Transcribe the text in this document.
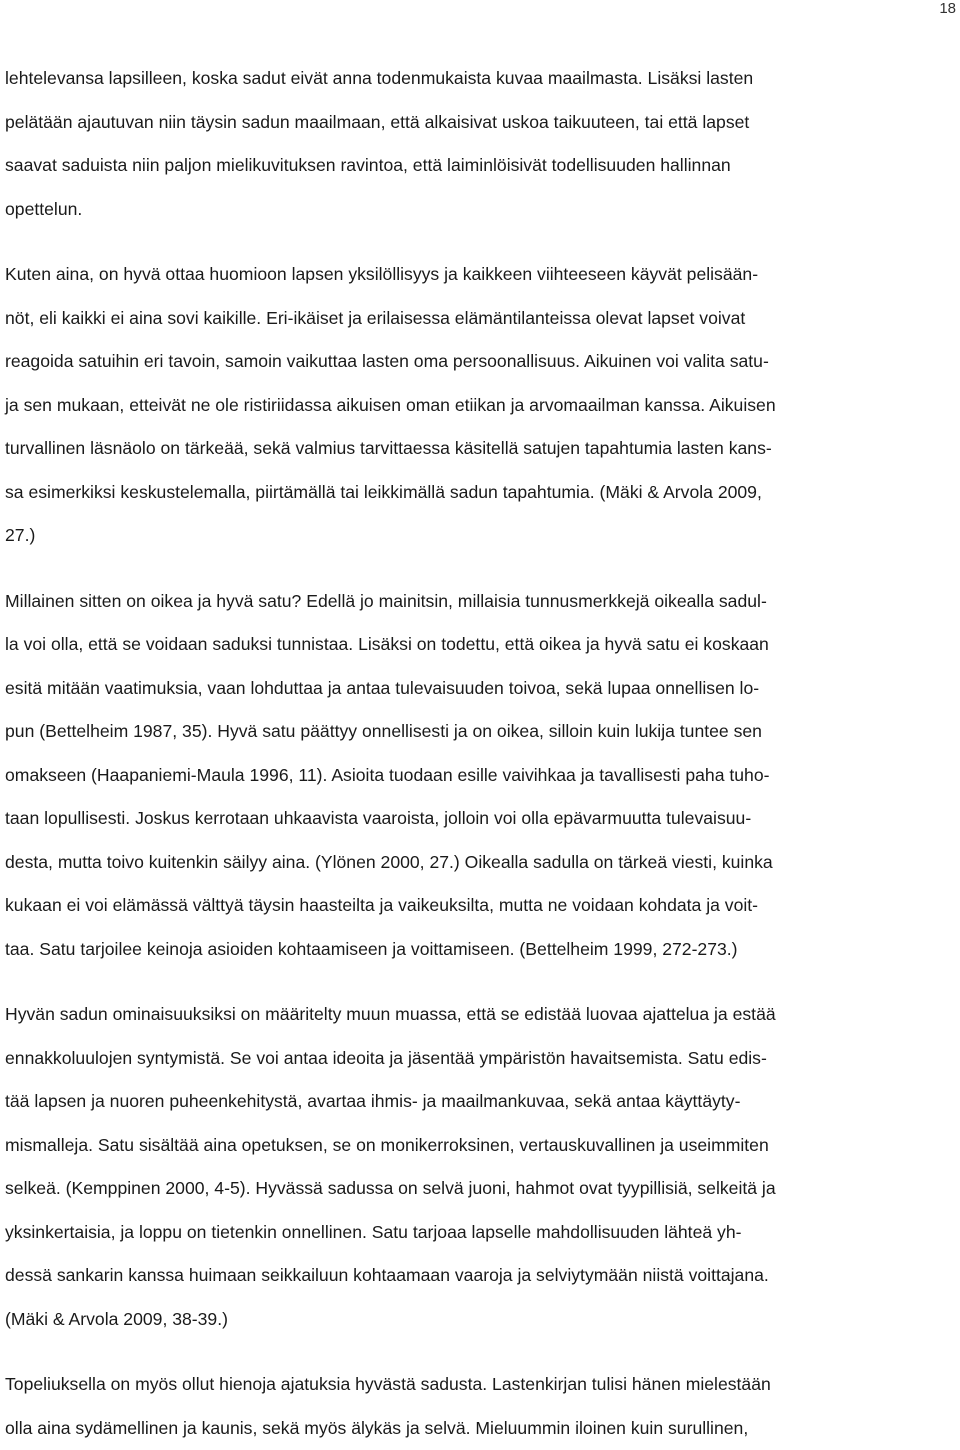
18

lehtelevansa lapsilleen, koska sadut eivät anna todenmukaista kuvaa maailmasta. Lisäksi lasten
pelätään ajautuvan niin täysin sadun maailmaan, että alkaisivat uskoa taikuuteen, tai että lapset
saavat saduista niin paljon mielikuvituksen ravintoa, että laiminlöisivät todellisuuden hallinnan
opettelun.

Kuten aina, on hyvä ottaa huomioon lapsen yksilöllisyys ja kaikkeen viihteeseen käyvät pelisään-
nöt, eli kaikki ei aina sovi kaikille. Eri-ikäiset ja erilaisessa elämäntilanteissa olevat lapset voivat
reagoida satuihin eri tavoin, samoin vaikuttaa lasten oma persoonallisuus. Aikuinen voi valita satu-
ja sen mukaan, etteivät ne ole ristiriidassa aikuisen oman etiikan ja arvomaailman kanssa. Aikuisen
turvallinen läsnäolo on tärkeää, sekä valmius tarvittaessa käsitellä satujen tapahtumia lasten kans-
sa esimerkiksi keskustelemalla, piirtämällä tai leikkimällä sadun tapahtumia. (Mäki & Arvola 2009,
27.)

Millainen sitten on oikea ja hyvä satu? Edellä jo mainitsin, millaisia tunnusmerkkejä oikealla sadul-
la voi olla, että se voidaan saduksi tunnistaa. Lisäksi on todettu, että oikea ja hyvä satu ei koskaan
esitä mitään vaatimuksia, vaan lohduttaa ja antaa tulevaisuuden toivoa, sekä lupaa onnellisen lo-
pun (Bettelheim 1987, 35). Hyvä satu päättyy onnellisesti ja on oikea, silloin kuin lukija tuntee sen
omakseen (Haapaniemi-Maula 1996, 11). Asioita tuodaan esille vaivihkaa ja tavallisesti paha tuho-
taan lopullisesti. Joskus kerrotaan uhkaavista vaaroista, jolloin voi olla epävarmuutta tulevaisuu-
desta, mutta toivo kuitenkin säilyy aina. (Ylönen 2000, 27.) Oikealla sadulla on tärkeä viesti, kuinka
kukaan ei voi elämässä välttyä täysin haasteilta ja vaikeuksilta, mutta ne voidaan kohdata ja voit-
taa. Satu tarjoilee keinoja asioiden kohtaamiseen ja voittamiseen. (Bettelheim 1999, 272-273.)

Hyvän sadun ominaisuuksiksi on määritelty muun muassa, että se edistää luovaa ajattelua ja estää
ennakkoluulojen syntymistä. Se voi antaa ideoita ja jäsentää ympäristön havaitsemista. Satu edis-
tää lapsen ja nuoren puheenkehitystä, avartaa ihmis- ja maailmankuvaa, sekä antaa käyttäyty-
mismalleja. Satu sisältää aina opetuksen, se on monikerroksinen, vertauskuvallinen ja useimmiten
selkeä. (Kemppinen 2000, 4-5). Hyvässä sadussa on selvä juoni, hahmot ovat tyypillisiä, selkeitä ja
yksinkertaisia, ja loppu on tietenkin onnellinen. Satu tarjoaa lapselle mahdollisuuden lähteä yh-
dessä sankarin kanssa huimaan seikkailuun kohtaamaan vaaroja ja selviytymään niistä voittajana.
(Mäki & Arvola 2009, 38-39.)

Topeliuksella on myös ollut hienoja ajatuksia hyvästä sadusta. Lastenkirjan tulisi hänen mielestään
olla aina sydämellinen ja kaunis, sekä myös älykäs ja selvä. Mieluummin iloinen kuin surullinen,
